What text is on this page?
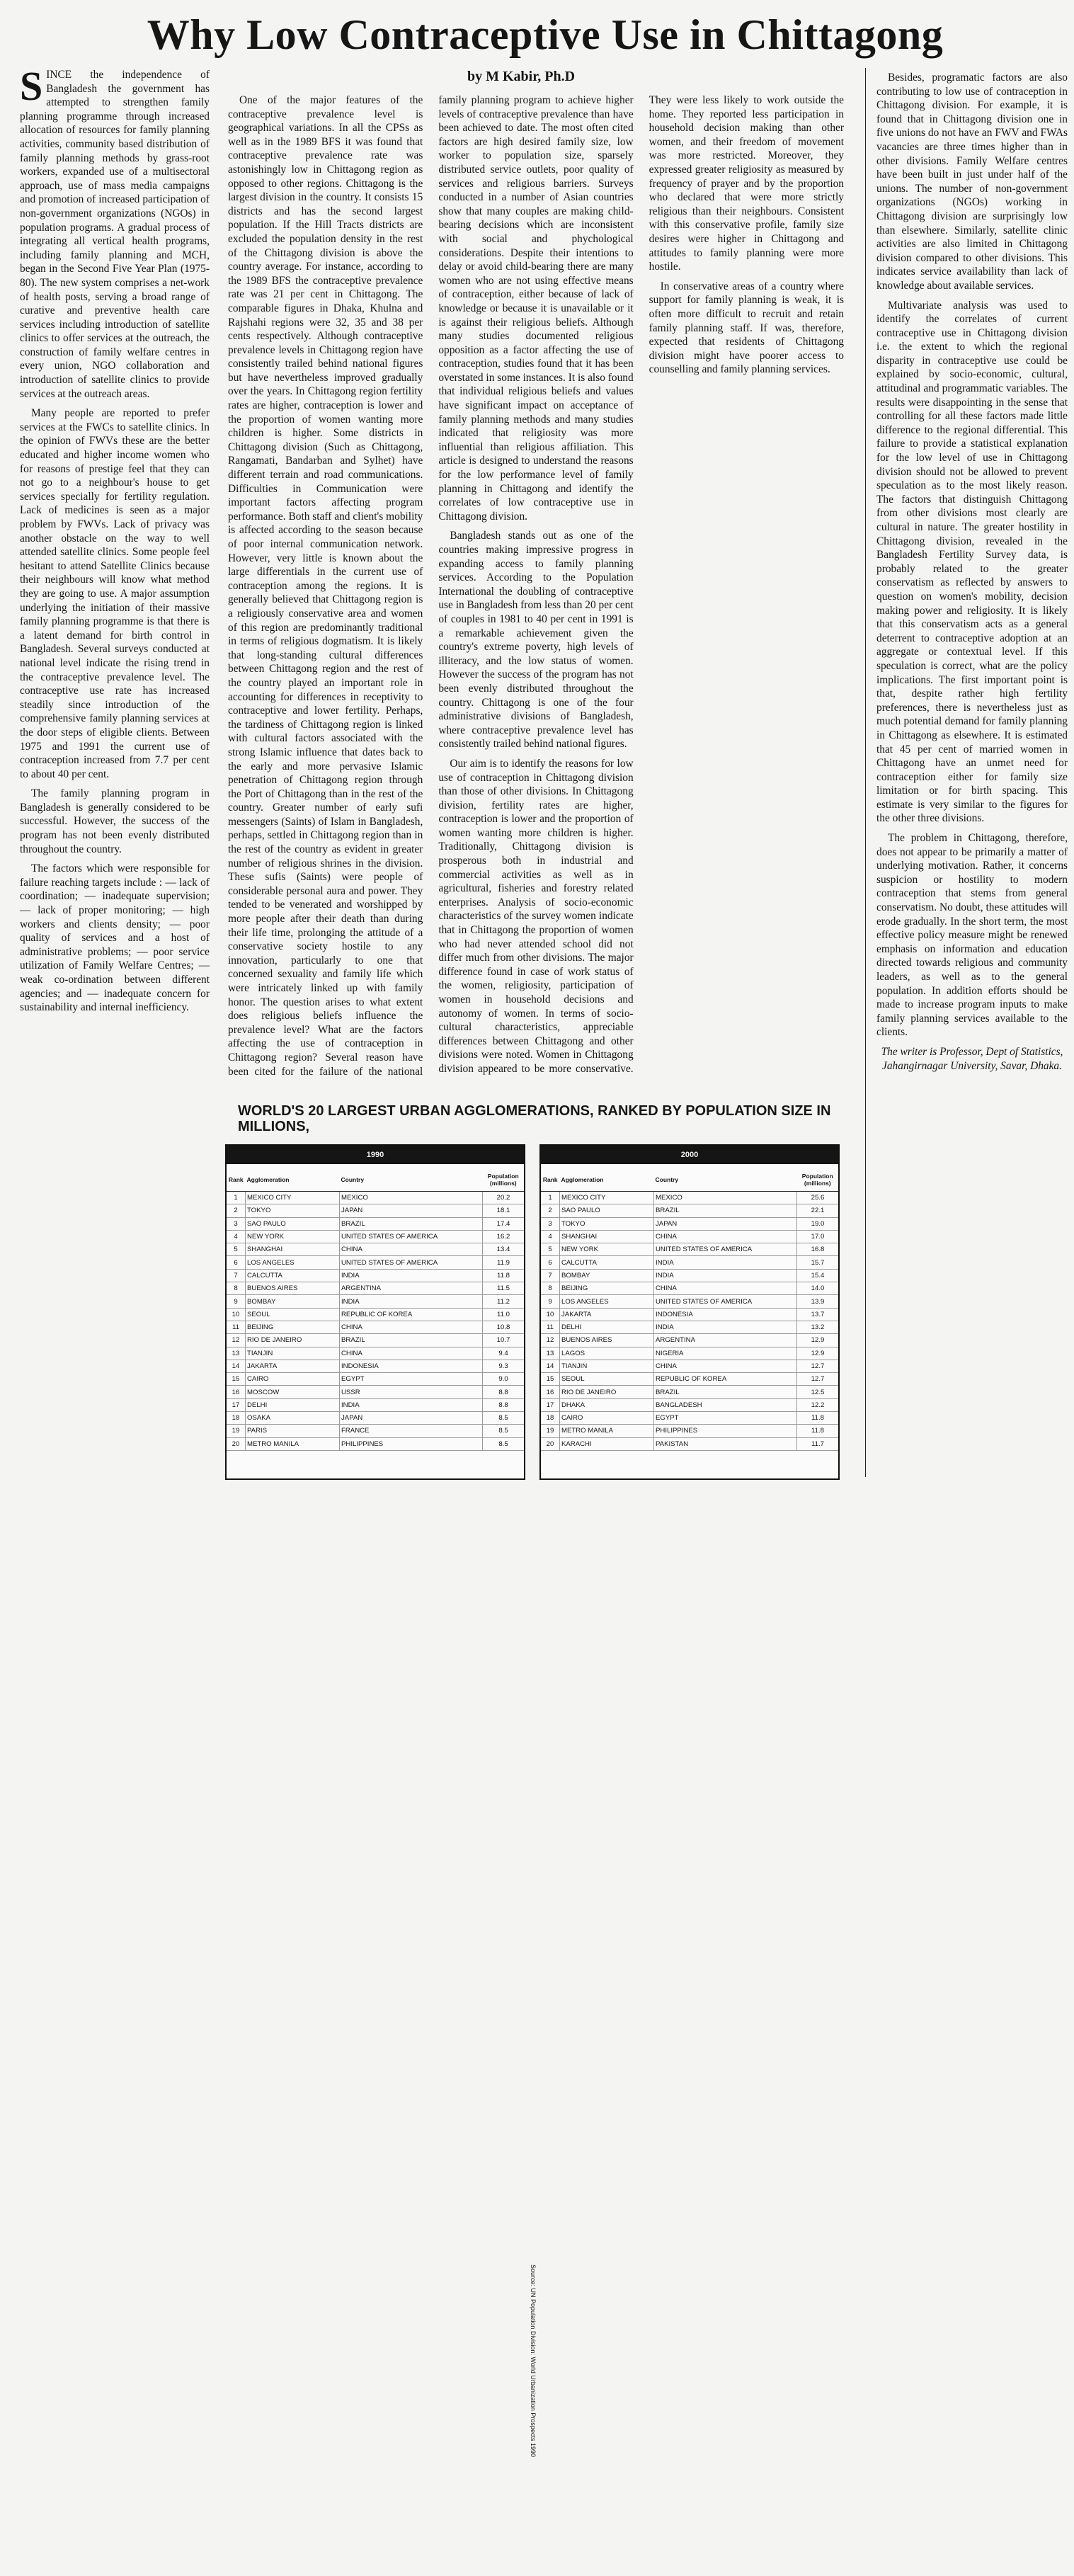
Why Low Contraceptive Use in Chittagong
by M Kabir, Ph.D

SINCE the independence of Bangladesh the government has attempted to strengthen family planning programme through increased allocation of resources for family planning activities, community based distribution of family planning methods by grass-root workers, expanded use of a multisectoral approach, use of mass media campaigns and promotion of increased participation of non-government organizations (NGOs) in population programs. A gradual process of integrating all vertical health programs, including family planning and MCH, began in the Second Five Year Plan (1975-80). The new system comprises a net-work of health posts, serving a broad range of curative and preventive health care services including introduction of satellite clinics to offer services at the outreach, the construction of family welfare centres in every union, NGO collaboration and introduction of satellite clinics to provide services at the outreach areas.

Many people are reported to prefer services at the FWCs to satellite clinics. In the opinion of FWVs these are the better educated and higher income women who for reasons of prestige feel that they can not go to a neighbour's house to get services specially for fertility regulation. Lack of medicines is seen as a major problem by FWVs. Lack of privacy was another obstacle on the way to well attended satellite clinics. Some people feel hesitant to attend Satellite Clinics because their neighbours will know what method they are going to use. A major assumption underlying the initiation of their massive family planning programme is that there is a latent demand for birth control in Bangladesh. Several surveys conducted at national level indicate the rising trend in the contraceptive prevalence level. The contraceptive use rate has increased steadily since introduction of the comprehensive family planning services at the door steps of eligible clients. Between 1975 and 1991 the current use of contraception increased from 7.7 per cent to about 40 per cent.

The family planning program in Bangladesh is generally considered to be successful. However, the success of the program has not been evenly distributed throughout the country.

The factors which were responsible for failure reaching targets include : — lack of coordination; — inadequate supervision; — lack of proper monitoring; — high workers and clients density; — poor quality of services and a host of administrative problems; — poor service utilization of Family Welfare Centres; — weak co-ordination between different agencies; and — inadequate concern for sustainability and internal inefficiency.

One of the major features of the contraceptive prevalence level is geographical variations. In all the CPSs as well as in the 1989 BFS it was found that contraceptive prevalence rate was astonishingly low in Chittagong region as opposed to other regions. Chittagong is the largest division in the country. It consists 15 districts and has the second largest population. If the Hill Tracts districts are excluded the population density in the rest of the Chittagong division is above the country average. For instance, according to the 1989 BFS the contraceptive prevalence rate was 21 per cent in Chittagong. The comparable figures in Dhaka, Khulna and Rajshahi regions were 32, 35 and 38 per cents respectively. Although contraceptive prevalence levels in Chittagong region have consistently trailed behind national figures but have nevertheless improved gradually over the years. In Chittagong region fertility rates are higher, contraception is lower and the proportion of women wanting more children is higher. Some districts in Chittagong division (Such as Chittagong, Rangamati, Bandarban and Sylhet) have different terrain and road communications. Difficulties in Communication were important factors affecting program performance. Both staff and client's mobility is affected according to the season because of poor internal communication network. However, very little is known about the large differentials in the current use of contraception among the regions. It is generally believed that Chittagong region is a religiously conservative area and women of this region are predominantly traditional in terms of religious dogmatism. It is likely that long-standing cultural differences between Chittagong region and the rest of the country played an important role in accounting for differences in receptivity to contraceptive and lower fertility. Perhaps, the tardiness of Chittagong region is linked with cultural factors associated with the strong Islamic influence that dates back to the early and more pervasive Islamic penetration of Chittagong region through the Port of Chittagong than in the rest of the country. Greater number of early sufi messengers (Saints) of Islam in Bangladesh, perhaps, settled in Chittagong region than in the rest of the country as evident in greater number of religious shrines in the division. These sufis (Saints) were people of considerable personal aura and power. They tended to be venerated and worshipped by more people after their death than during their life time, prolonging the attitude of a conservative society hostile to any innovation, particularly to one that concerned sexuality and family life which were intricately linked up with family honor. The question arises to what extent does religious beliefs influence the prevalence level? What are the factors affecting the use of contraception in Chittagong region? Several reason have been cited for the failure of the national family planning program to achieve higher levels of contraceptive prevalence than have been achieved to date. The most often cited factors are high desired family size, low worker to population size, sparsely distributed service outlets, poor quality of services and religious barriers. Surveys conducted in a number of Asian countries show that many couples are making child-bearing decisions which are inconsistent with social and phychological considerations. Despite their intentions to delay or avoid child-bearing there are many women who are not using effective means of contraception, either because of lack of knowledge or because it is unavailable or it is against their religious beliefs. Although many studies documented religious opposition as a factor affecting the use of contraception, studies found that it has been overstated in some instances. It is also found that individual religious beliefs and values have significant impact on acceptance of family planning methods and many studies indicated that religiosity was more influential than religious affiliation. This article is designed to understand the reasons for the low performance level of family planning in Chittagong and identify the correlates of low contraceptive use in Chittagong division.

Bangladesh stands out as one of the countries making impressive progress in expanding access to family planning services. According to the Population International the doubling of contraceptive use in Bangladesh from less than 20 per cent of couples in 1981 to 40 per cent in 1991 is a remarkable achievement given the country's extreme poverty, high levels of illiteracy, and the low status of women. However the success of the program has not been evenly distributed throughout the country. Chittagong is one of the four administrative divisions of Bangladesh, where contraceptive prevalence level has consistently trailed behind national figures.

Our aim is to identify the reasons for low use of contraception in Chittagong division than those of other divisions. In Chittagong division, fertility rates are higher, contraception is lower and the proportion of women wanting more children is higher. Traditionally, Chittagong division is prosperous both in industrial and commercial activities as well as in agricultural, fisheries and forestry related enterprises. Analysis of socio-economic characteristics of the survey women indicate that in Chittagong the proportion of women who had never attended school did not differ much from other divisions. The major difference found in case of work status of the women, religiosity, participation of women in household decisions and autonomy of women. In terms of socio-cultural characteristics, appreciable differences between Chittagong and other divisions were noted. Women in Chittagong division appeared to be more conservative. They were less likely to work outside the home. They reported less participation in household decision making than other women, and their freedom of movement was more restricted. Moreover, they expressed greater religiosity as measured by frequency of prayer and by the proportion who declared that were more strictly religious than their neighbours. Consistent with this conservative profile, family size desires were higher in Chittagong and attitudes to family planning were more hostile.

In conservative areas of a country where support for family planning is weak, it is often more difficult to recruit and retain family planning staff. If was, therefore, expected that residents of Chittagong division might have poorer access to counselling and family planning services.

Besides, programatic factors are also contributing to low use of contraception in Chittagong division. For example, it is found that in Chittagong division one in five unions do not have an FWV and FWAs vacancies are three times higher than in other divisions. Family Welfare centres have been built in just under half of the unions. The number of non-government organizations (NGOs) working in Chittagong division are surprisingly low than elsewhere. Similarly, satellite clinic activities are also limited in Chittagong division compared to other divisions. This indicates service availability than lack of knowledge about available services.

Multivariate analysis was used to identify the correlates of current contraceptive use in Chittagong division i.e. the extent to which the regional disparity in contraceptive use could be explained by socio-economic, cultural, attitudinal and programmatic variables. The results were disappointing in the sense that controlling for all these factors made little difference to the regional differential. This failure to provide a statistical explanation for the low level of use in Chittagong division should not be allowed to prevent speculation as to the most likely reason. The factors that distinguish Chittagong from other divisions most clearly are cultural in nature. The greater hostility in Chittagong division, revealed in the Bangladesh Fertility Survey data, is probably related to the greater conservatism as reflected by answers to question on women's mobility, decision making power and religiosity. It is likely that this conservatism acts as a general deterrent to contraceptive adoption at an aggregate or contextual level. If this speculation is correct, what are the policy implications. The first important point is that, despite rather high fertility preferences, there is nevertheless just as much potential demand for family planning in Chittagong as elsewhere. It is estimated that 45 per cent of married women in Chittagong have an unmet need for contraception either for family size limitation or for birth spacing. This estimate is very similar to the figures for the other three divisions.

The problem in Chittagong, therefore, does not appear to be primarily a matter of underlying motivation. Rather, it concerns suspicion or hostility to modern contraception that stems from general conservatism. No doubt, these attitudes will erode gradually. In the short term, the most effective policy measure might be renewed emphasis on information and education directed towards religious and community leaders, as well as to the general population. In addition efforts should be made to increase program inputs to make family planning services available to the clients.

The writer is Professor, Dept of Statistics, Jahangirnagar University, Savar, Dhaka.

WORLD'S 20 LARGEST URBAN AGGLOMERATIONS, RANKED BY POPULATION SIZE IN MILLIONS,
1990
Rank	Agglomeration	Country	Population (millions)
1	MEXICO CITY	MEXICO	20.2
2	TOKYO	JAPAN	18.1
3	SAO PAULO	BRAZIL	17.4
4	NEW YORK	UNITED STATES OF AMERICA	16.2
5	SHANGHAI	CHINA	13.4
6	LOS ANGELES	UNITED STATES OF AMERICA	11.9
7	CALCUTTA	INDIA	11.8
8	BUENOS AIRES	ARGENTINA	11.5
9	BOMBAY	INDIA	11.2
10	SEOUL	REPUBLIC OF KOREA	11.0
11	BEIJING	CHINA	10.8
12	RIO DE JANEIRO	BRAZIL	10.7
13	TIANJIN	CHINA	9.4
14	JAKARTA	INDONESIA	9.3
15	CAIRO	EGYPT	9.0
16	MOSCOW	USSR	8.8
17	DELHI	INDIA	8.8
18	OSAKA	JAPAN	8.5
19	PARIS	FRANCE	8.5
20	METRO MANILA	PHILIPPINES	8.5
2000
Rank	Agglomeration	Country	Population (millions)
1	MEXICO CITY	MEXICO	25.6
2	SAO PAULO	BRAZIL	22.1
3	TOKYO	JAPAN	19.0
4	SHANGHAI	CHINA	17.0
5	NEW YORK	UNITED STATES OF AMERICA	16.8
6	CALCUTTA	INDIA	15.7
7	BOMBAY	INDIA	15.4
8	BEIJING	CHINA	14.0
9	LOS ANGELES	UNITED STATES OF AMERICA	13.9
10	JAKARTA	INDONESIA	13.7
11	DELHI	INDIA	13.2
12	BUENOS AIRES	ARGENTINA	12.9
13	LAGOS	NIGERIA	12.9
14	TIANJIN	CHINA	12.7
15	SEOUL	REPUBLIC OF KOREA	12.7
16	RIO DE JANEIRO	BRAZIL	12.5
17	DHAKA	BANGLADESH	12.2
18	CAIRO	EGYPT	11.8
19	METRO MANILA	PHILIPPINES	11.8
20	KARACHI	PAKISTAN	11.7
Source: UN Population Division: World Urbanization Prospects 1990
